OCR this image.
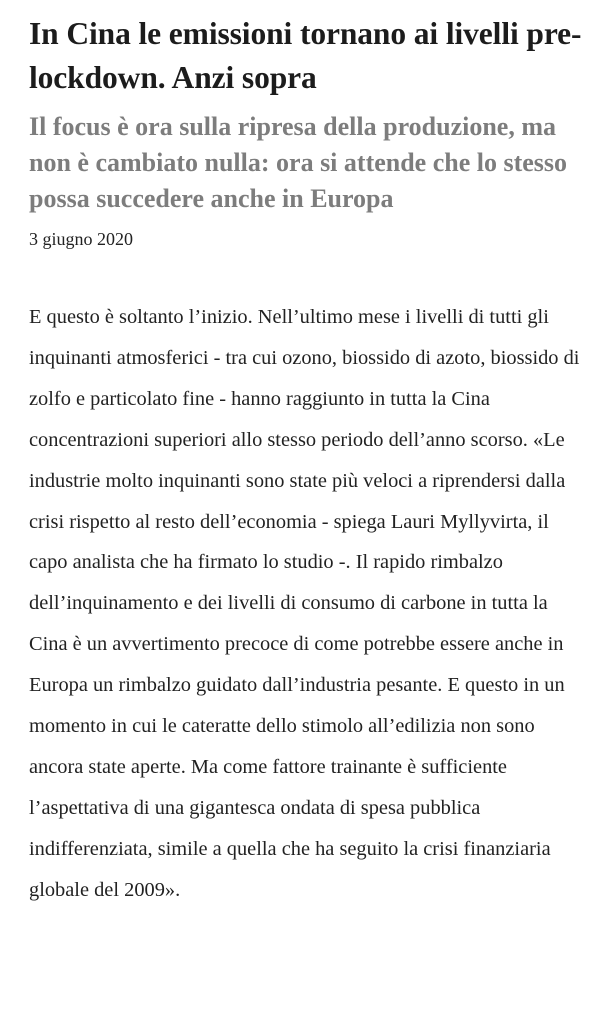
In Cina le emissioni tornano ai livelli pre-lockdown. Anzi sopra
Il focus è ora sulla ripresa della produzione, ma non è cambiato nulla: ora si attende che lo stesso possa succedere anche in Europa
3 giugno 2020

E questo è soltanto l’inizio. Nell’ultimo mese i livelli di tutti gli inquinanti atmosferici - tra cui ozono, biossido di azoto, biossido di zolfo e particolato fine - hanno raggiunto in tutta la Cina concentrazioni superiori allo stesso periodo dell’anno scorso. «Le industrie molto inquinanti sono state più veloci a riprendersi dalla crisi rispetto al resto dell’economia - spiega Lauri Myllyvirta, il capo analista che ha firmato lo studio -. Il rapido rimbalzo dell’inquinamento e dei livelli di consumo di carbone in tutta la Cina è un avvertimento precoce di come potrebbe essere anche in Europa un rimbalzo guidato dall’industria pesante. E questo in un momento in cui le cateratte dello stimolo all’edilizia non sono ancora state aperte. Ma come fattore trainante è sufficiente l’aspettativa di una gigantesca ondata di spesa pubblica indifferenziata, simile a quella che ha seguito la crisi finanziaria globale del 2009».
